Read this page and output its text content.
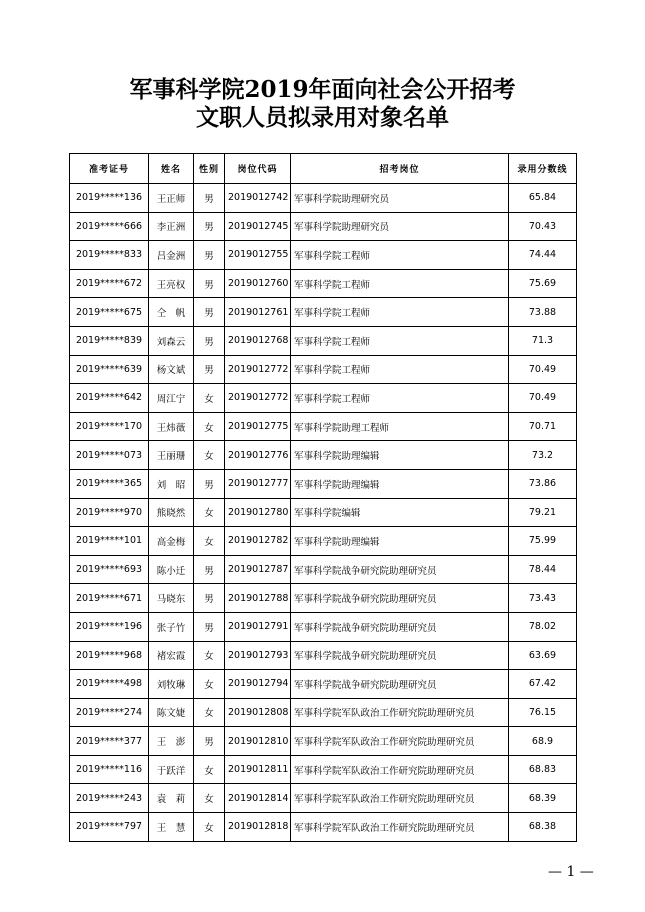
军事科学院2019年面向社会公开招考
文职人员拟录用对象名单
准考证号	姓名	性别	岗位代码	招考岗位	录用分数线
2019*****136	王正师	男	2019012742	军事科学院助理研究员	65.84
2019*****666	李正洲	男	2019012745	军事科学院助理研究员	70.43
2019*****833	吕金洲	男	2019012755	军事科学院工程师	74.44
2019*****672	王亮权	男	2019012760	军事科学院工程师	75.69
2019*****675	仝　帆	男	2019012761	军事科学院工程师	73.88
2019*****839	刘森云	男	2019012768	军事科学院工程师	71.3
2019*****639	杨文斌	男	2019012772	军事科学院工程师	70.49
2019*****642	周江宁	女	2019012772	军事科学院工程师	70.49
2019*****170	王炜薇	女	2019012775	军事科学院助理工程师	70.71
2019*****073	王丽珊	女	2019012776	军事科学院助理编辑	73.2
2019*****365	刘　昭	男	2019012777	军事科学院助理编辑	73.86
2019*****970	熊晓然	女	2019012780	军事科学院编辑	79.21
2019*****101	高金梅	女	2019012782	军事科学院助理编辑	75.99
2019*****693	陈小迁	男	2019012787	军事科学院战争研究院助理研究员	78.44
2019*****671	马晓东	男	2019012788	军事科学院战争研究院助理研究员	73.43
2019*****196	张子竹	男	2019012791	军事科学院战争研究院助理研究员	78.02
2019*****968	褚宏霞	女	2019012793	军事科学院战争研究院助理研究员	63.69
2019*****498	刘牧琳	女	2019012794	军事科学院战争研究院助理研究员	67.42
2019*****274	陈文婕	女	2019012808	军事科学院军队政治工作研究院助理研究员	76.15
2019*****377	王　澎	男	2019012810	军事科学院军队政治工作研究院助理研究员	68.9
2019*****116	于跃洋	女	2019012811	军事科学院军队政治工作研究院助理研究员	68.83
2019*****243	袁　莉	女	2019012814	军事科学院军队政治工作研究院助理研究员	68.39
2019*****797	王　慧	女	2019012818	军事科学院军队政治工作研究院助理研究员	68.38
— 1 —
